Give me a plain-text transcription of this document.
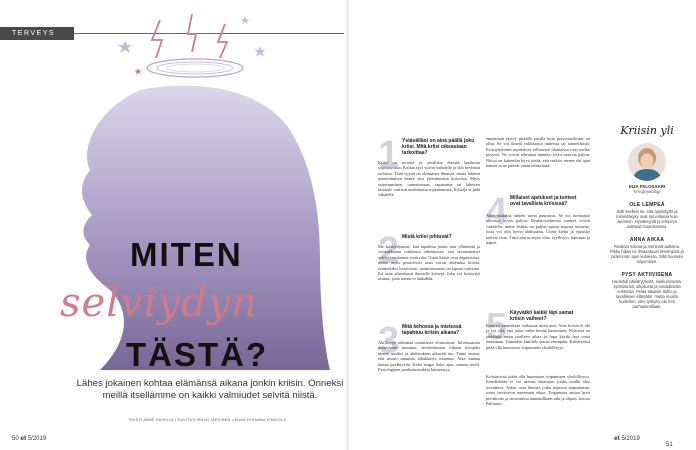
TERVEYS
MITEN
selviydyn
TÄSTÄ?
Lähes jokainen kohtaa elämänsä aikana jonkin kriisin. Onneksi meillä itsellämme on kaikki valmiudet selvitä niistä.
TEKSTI ANNE HAIKOLA • KUVITUS HELMI JÄRVINEN • KUVA JOHANNA KOKKOLA
50 et 5/2019
1 Ystävälläni on aina päällä joku kriisi. Mitä kriisi oikeastaan tarkoittaa?
Kriisi on tervettä ja tavallista elämää kuuluvaa sopeutumista. Kriisin syyt voivat vaihdella ja olla hyvinkin erilaisia. Tästä syystä on olennaista ilmaista, mutta lähteen menettämisen lienee yksi yleisimmistä kriiseistä. Myös sairastuminen, onnettomuus, tapaturma tai läheisen läsnäolo vaativat uudenlaista sopeutumista. Kriisejä ei pidä vähätellä.
2 Mistä kriisi johtuvat?
Me kriisiydymme, kun tapahtuu jotain niin yllättävää ja voimakkaista reaktioita aiheuttavaa, että tavanomaiset selviytymiskeinot eivät riitä. Usein kriisit ovat negatiivisia, mutta myös positiiviset asiat voivat aiheuttaa kriisin, esimerkiksi lottovoitto, naimisiinmeno tai lapsen syntymä. Eri asiat aiheuttavat ihmisille kriisejä. Joku voi kriisiytyä asiasta, josta toinen ei hätkähdä.
3 Mitä kehossa ja mielessä tapahtuu kriisin aikana?
Äkillisyys aiheuttaa muutoksia elimistössä. Informaation prosessointi muuttuu, aivokeskusten välinen työnjako menee uusiksi ja ahdistuksen aikaväli tuo. Tämä seuraa, että muisti muuttuu alkuklaitys muuttuu. Aika saattaa tuntua pysähtyvän. Keho reagoi koko ajan, samoin mieli. Fysiologinen puolustusreaktio käynnistyy.
ennemmin täytyy pitkällä tavalla kuin persoonallisuus on ollut. Se voi ilmetä valikkaista tunteista tai tunnetiloista. Kriisiytymisen muutokset sellaisissa tilanteissa ovat melko pysyviä. Ne voivat aiheuttaa tunteita, jotka vaativat paljon. Niissä on kuitenkin hyvä tietää, että reaktio menee ohi ajan kanssa ja ne pitävät oman tehtävänsä.
4 Millaiset ajatukset ja tunteet ovat tavallisia kriisissä?
Alun shokissa tunteet usein puuttuvat. Se voi turhauttaa ulkoista hyvin paljon. Reaktiovaiheessa tunteet voivat vaihdella, mutta lisäksi on paljon suurta nopeaa tunnetta, josta voi olla hyvin ahdistunut. Usein kielto ja epäusko tulevat esiin. Tästä seuraa myös viha, syyllisyys, katumus ja häpeä.
5 Käyvätkö kaikki läpi samat kriisin vaiheet?
Ihmisen tunnetilaan vaikuttaa moni asia. Aina kriisiä ei ole ja voi olla, että jokin vaihe kestää kauemmin. Kriisissä on tärkeintä antaa itselleen aikaa ja lupa käydä läpi omia tunteitaan. Tunteiden käsittely auttaa eteenpäin. Kriisityössä pitää olla huomioon toipumisen yksilöllisyys.
Kriisityössä pitää olla huomioon toipumisen yksilöllisyys. Kenellekään ei voi asettaa aikarajaa, jonka sisällä olisi toivuttava. Jotkut ovat ihmisiä jotka toipuvat nopeammin, toiset tarvitsevat enemmän aikaa. Toipumista auttaa hyvä perushoito ja tarvittaessa ammatillinen tuki ja ohjaus, kertoo Palosaari.
Kriisin yli
EIJA PALOSAARI
Kriisipsykologi
OLE LEMPEÄ
Salli itsellesi se, että ajankäyttö ja toimintakyky ovat nyt erilaisia kuin aiemmin. Hyväksyntä ja lempeys auttavat muutoksessa.
ANNA AIKAA
Reaktiot tulevat ja menevät aaltoina. Pikku hiljaa ne ilmaantuvat lievempinä ja pidemmän ajan kuluessa. Sillä huomaa toipumisen.
PYSY AKTIIVISENA
Huolehdi päivärytmistä, nukkumisesta, syömisestä, ulkoilusta ja sosiaalisista suhteista. Pelaa takaisin töihin ja tavalliseen elämään, mutta muista kuitenkin, ettei työkyky ole heti parhaimmillaan.
et 5/2019 51
